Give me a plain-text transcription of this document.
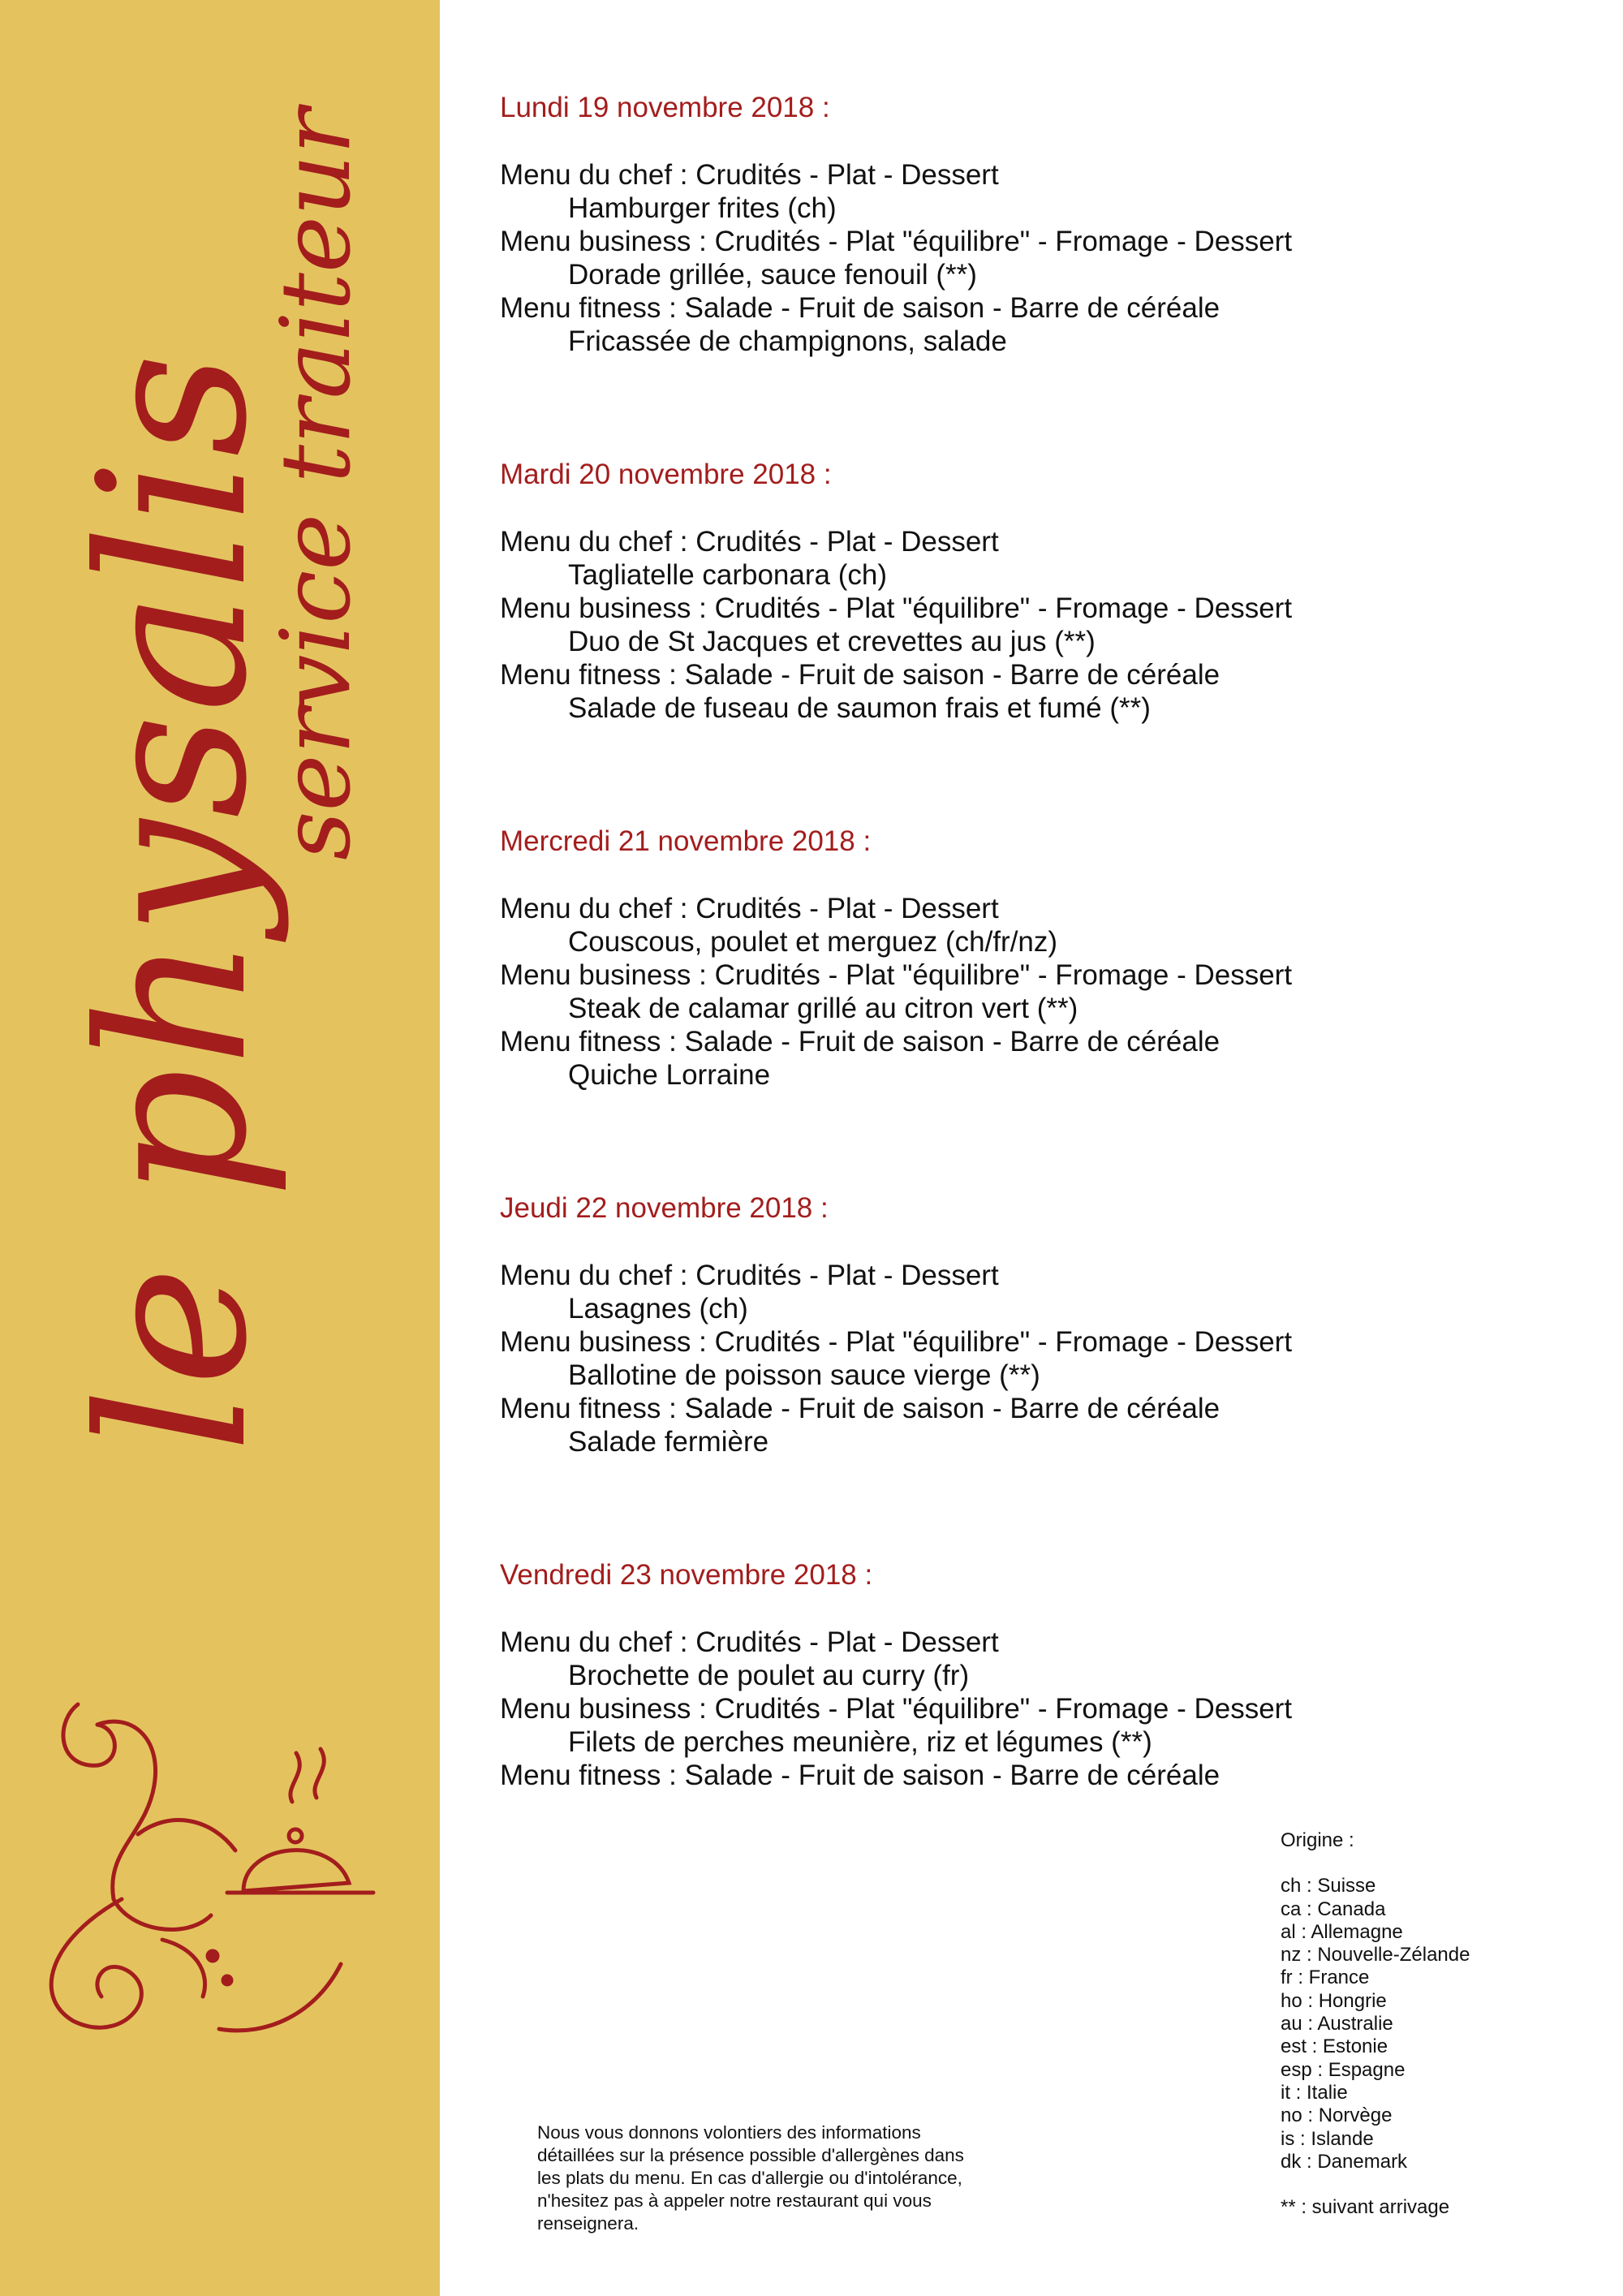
le physalis
service traiteur
Lundi 19 novembre 2018 :
Menu du chef : Crudités - Plat - Dessert
Hamburger frites (ch)
Menu business : Crudités - Plat "équilibre" - Fromage - Dessert
Dorade grillée, sauce fenouil (**)
Menu fitness : Salade - Fruit de saison - Barre de céréale
Fricassée de champignons, salade
Mardi 20 novembre 2018 :
Menu du chef : Crudités - Plat - Dessert
Tagliatelle carbonara (ch)
Menu business : Crudités - Plat "équilibre" - Fromage - Dessert
Duo de St Jacques et crevettes au jus (**)
Menu fitness : Salade - Fruit de saison - Barre de céréale
Salade de fuseau de saumon frais et fumé (**)
Mercredi 21 novembre 2018 :
Menu du chef : Crudités - Plat - Dessert
Couscous, poulet et merguez (ch/fr/nz)
Menu business : Crudités - Plat "équilibre" - Fromage - Dessert
Steak de calamar grillé au citron vert (**)
Menu fitness : Salade - Fruit de saison - Barre de céréale
Quiche Lorraine
Jeudi 22 novembre 2018 :
Menu du chef : Crudités - Plat - Dessert
Lasagnes (ch)
Menu business : Crudités - Plat "équilibre" - Fromage - Dessert
Ballotine de poisson sauce vierge (**)
Menu fitness : Salade - Fruit de saison - Barre de céréale
Salade fermière
Vendredi 23 novembre 2018 :
Menu du chef : Crudités - Plat - Dessert
Brochette de poulet au curry (fr)
Menu business : Crudités - Plat "équilibre" - Fromage - Dessert
Filets de perches meunière, riz et légumes (**)
Menu fitness : Salade - Fruit de saison - Barre de céréale
Origine :
ch : Suisse
ca : Canada
al : Allemagne
nz : Nouvelle-Zélande
fr : France
ho : Hongrie
au : Australie
est : Estonie
esp : Espagne
it : Italie
no : Norvège
is : Islande
dk : Danemark
** : suivant arrivage
Nous vous donnons volontiers des informations
détaillées sur la présence possible d'allergènes dans
les plats du menu. En cas d'allergie ou d'intolérance,
n'hesitez pas à appeler notre restaurant qui vous
renseignera.
